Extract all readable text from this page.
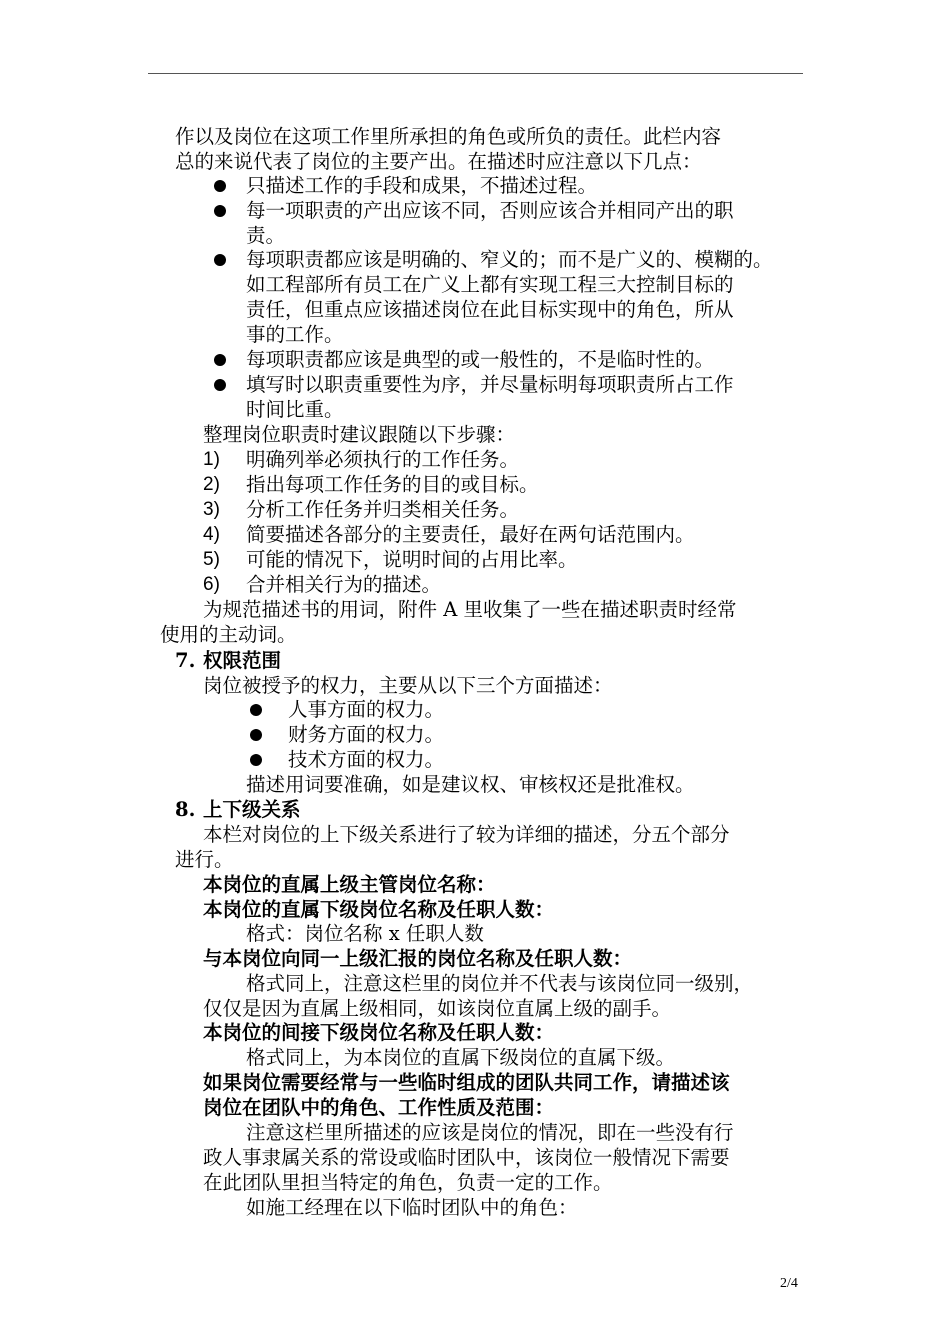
作以及岗位在这项工作里所承担的角色或所负的责任。此栏内容
总的来说代表了岗位的主要产出。在描述时应注意以下几点：
只描述工作的手段和成果，不描述过程。
每一项职责的产出应该不同，否则应该合并相同产出的职
责。
每项职责都应该是明确的、窄义的；而不是广义的、模糊的。
如工程部所有员工在广义上都有实现工程三大控制目标的
责任，但重点应该描述岗位在此目标实现中的角色，所从
事的工作。
每项职责都应该是典型的或一般性的，不是临时性的。
填写时以职责重要性为序，并尽量标明每项职责所占工作
时间比重。
整理岗位职责时建议跟随以下步骤：
1) 明确列举必须执行的工作任务。
2) 指出每项工作任务的目的或目标。
3) 分析工作任务并归类相关任务。
4) 简要描述各部分的主要责任，最好在两句话范围内。
5) 可能的情况下，说明时间的占用比率。
6) 合并相关行为的描述。
为规范描述书的用词，附件 A 里收集了一些在描述职责时经常
使用的主动词。
7. 权限范围
岗位被授予的权力，主要从以下三个方面描述：
人事方面的权力。
财务方面的权力。
技术方面的权力。
描述用词要准确，如是建议权、审核权还是批准权。
8. 上下级关系
本栏对岗位的上下级关系进行了较为详细的描述，分五个部分
进行。
本岗位的直属上级主管岗位名称：
本岗位的直属下级岗位名称及任职人数：
格式：岗位名称 x 任职人数
与本岗位向同一上级汇报的岗位名称及任职人数：
格式同上，注意这栏里的岗位并不代表与该岗位同一级别，
仅仅是因为直属上级相同，如该岗位直属上级的副手。
本岗位的间接下级岗位名称及任职人数：
格式同上，为本岗位的直属下级岗位的直属下级。
如果岗位需要经常与一些临时组成的团队共同工作，请描述该
岗位在团队中的角色、工作性质及范围：
注意这栏里所描述的应该是岗位的情况，即在一些没有行
政人事隶属关系的常设或临时团队中，该岗位一般情况下需要
在此团队里担当特定的角色，负责一定的工作。
如施工经理在以下临时团队中的角色：
2/4
